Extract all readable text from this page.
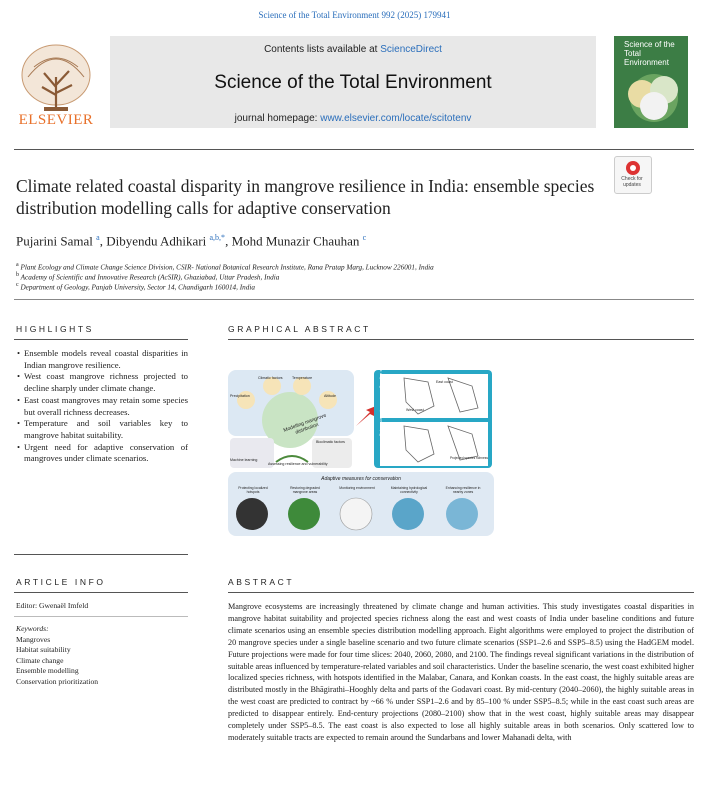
Science of the Total Environment 992 (2025) 179941
Contents lists available at ScienceDirect
Science of the Total Environment
journal homepage: www.elsevier.com/locate/scitotenv
ELSEVIER
Science of the
Total Environment
Check for
updates
Climate related coastal disparity in mangrove resilience in India: ensemble species distribution modelling calls for adaptive conservation
Pujarini Samal $^a$, Dibyendu Adhikari $^{a,b,*}$, Mohd Munazir Chauhan $^c$
$^a$ Plant Ecology and Climate Change Science Division, CSIR- National Botanical Research Institute, Rana Pratap Marg, Lucknow 226001, India
$^b$ Academy of Scientific and Innovative Research (AcSIR), Ghaziabad, Uttar Pradesh, India
$^c$ Department of Geology, Panjab University, Sector 14, Chandigarh 160014, India
HIGHLIGHTS
• Ensemble models reveal coastal disparities in Indian mangrove resilience.
• West coast mangrove richness projected to decline sharply under climate change.
• East coast mangroves may retain some species but overall richness decreases.
• Temperature and soil variables key to mangrove habitat suitability.
• Urgent need for adaptive conservation of mangroves under climate scenarios.
GRAPHICAL ABSTRACT
Modelling mangrove distribution
Precipitation
Climatic factors	Temperature
Altitude
Machine learning
Bioclimatic factors
Assessing resilience and vulnerability
Baseline scenario
Future scenario
East coast
West coast
Projected species richness
Adaptive measures for conservation
Protecting localized hotspots
Restoring degraded mangrove areas
Monitoring environment	Maintaining hydrological connectivity
Enhancing resilience in nearby zones
ARTICLE INFO
Editor: Gwenaël Imfeld
Keywords:
Mangroves
Habitat suitability
Climate change
Ensemble modelling
Conservation prioritization
ABSTRACT
Mangrove ecosystems are increasingly threatened by climate change and human activities. This study investigates coastal disparities in mangrove habitat suitability and projected species richness along the east and west coasts of India under baseline conditions and future climate scenarios using an ensemble species distribution modelling approach. Eight algorithms were employed to project the distribution of 20 mangrove species under a single baseline scenario and two future climate scenarios (SSP1–2.6 and SSP5–8.5) using the HadGEM model. Future projections were made for four time slices: 2040, 2060, 2080, and 2100. The findings reveal significant variations in the distribution of suitable areas influenced by temperature-related variables and soil characteristics. Under the baseline scenario, the west coast exhibited higher localized species richness, with hotspots identified in the Malabar, Canara, and Konkan coasts. In the east coast, the highly suitable areas are distributed mostly in the Bhāgirathi–Hooghly delta and parts of the Godavari coast. By mid-century (2040–2060), the highly suitable areas in the west coast are predicted to contract by ~66 % under SSP1–2.6 and by 85–100 % under SSP5–8.5; while in the east coast such areas are predicted to disappear entirely. End-century projections (2080–2100) show that in the west coast, highly suitable areas may disappear completely under SSP5–8.5. The east coast is also expected to lose all highly suitable areas in both scenarios. Only scattered low to moderately suitable tracts are expected to remain around the Sundarbans and lower Mahanadi delta, with
